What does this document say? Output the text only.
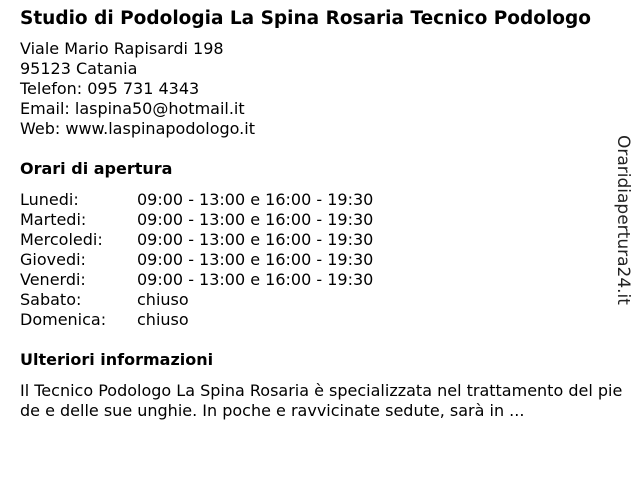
Studio di Podologia La Spina Rosaria Tecnico Podologo
Viale Mario Rapisardi 198
95123 Catania
Telefon: 095 731 4343
Email: laspina50@hotmail.it
Web: www.laspinapodologo.it
Orari di apertura
Lunedi:	09:00 - 13:00 e 16:00 - 19:30
Martedi:	09:00 - 13:00 e 16:00 - 19:30
Mercoledi:	09:00 - 13:00 e 16:00 - 19:30
Giovedi:	09:00 - 13:00 e 16:00 - 19:30
Venerdi:	09:00 - 13:00 e 16:00 - 19:30
Sabato:	chiuso
Domenica:	chiuso
Ulteriori informazioni
Il Tecnico Podologo La Spina Rosaria è specializzata nel trattamento del piede e delle sue unghie. In poche e ravvicinate sedute, sarà in ...
Oraridiapertura24.it
